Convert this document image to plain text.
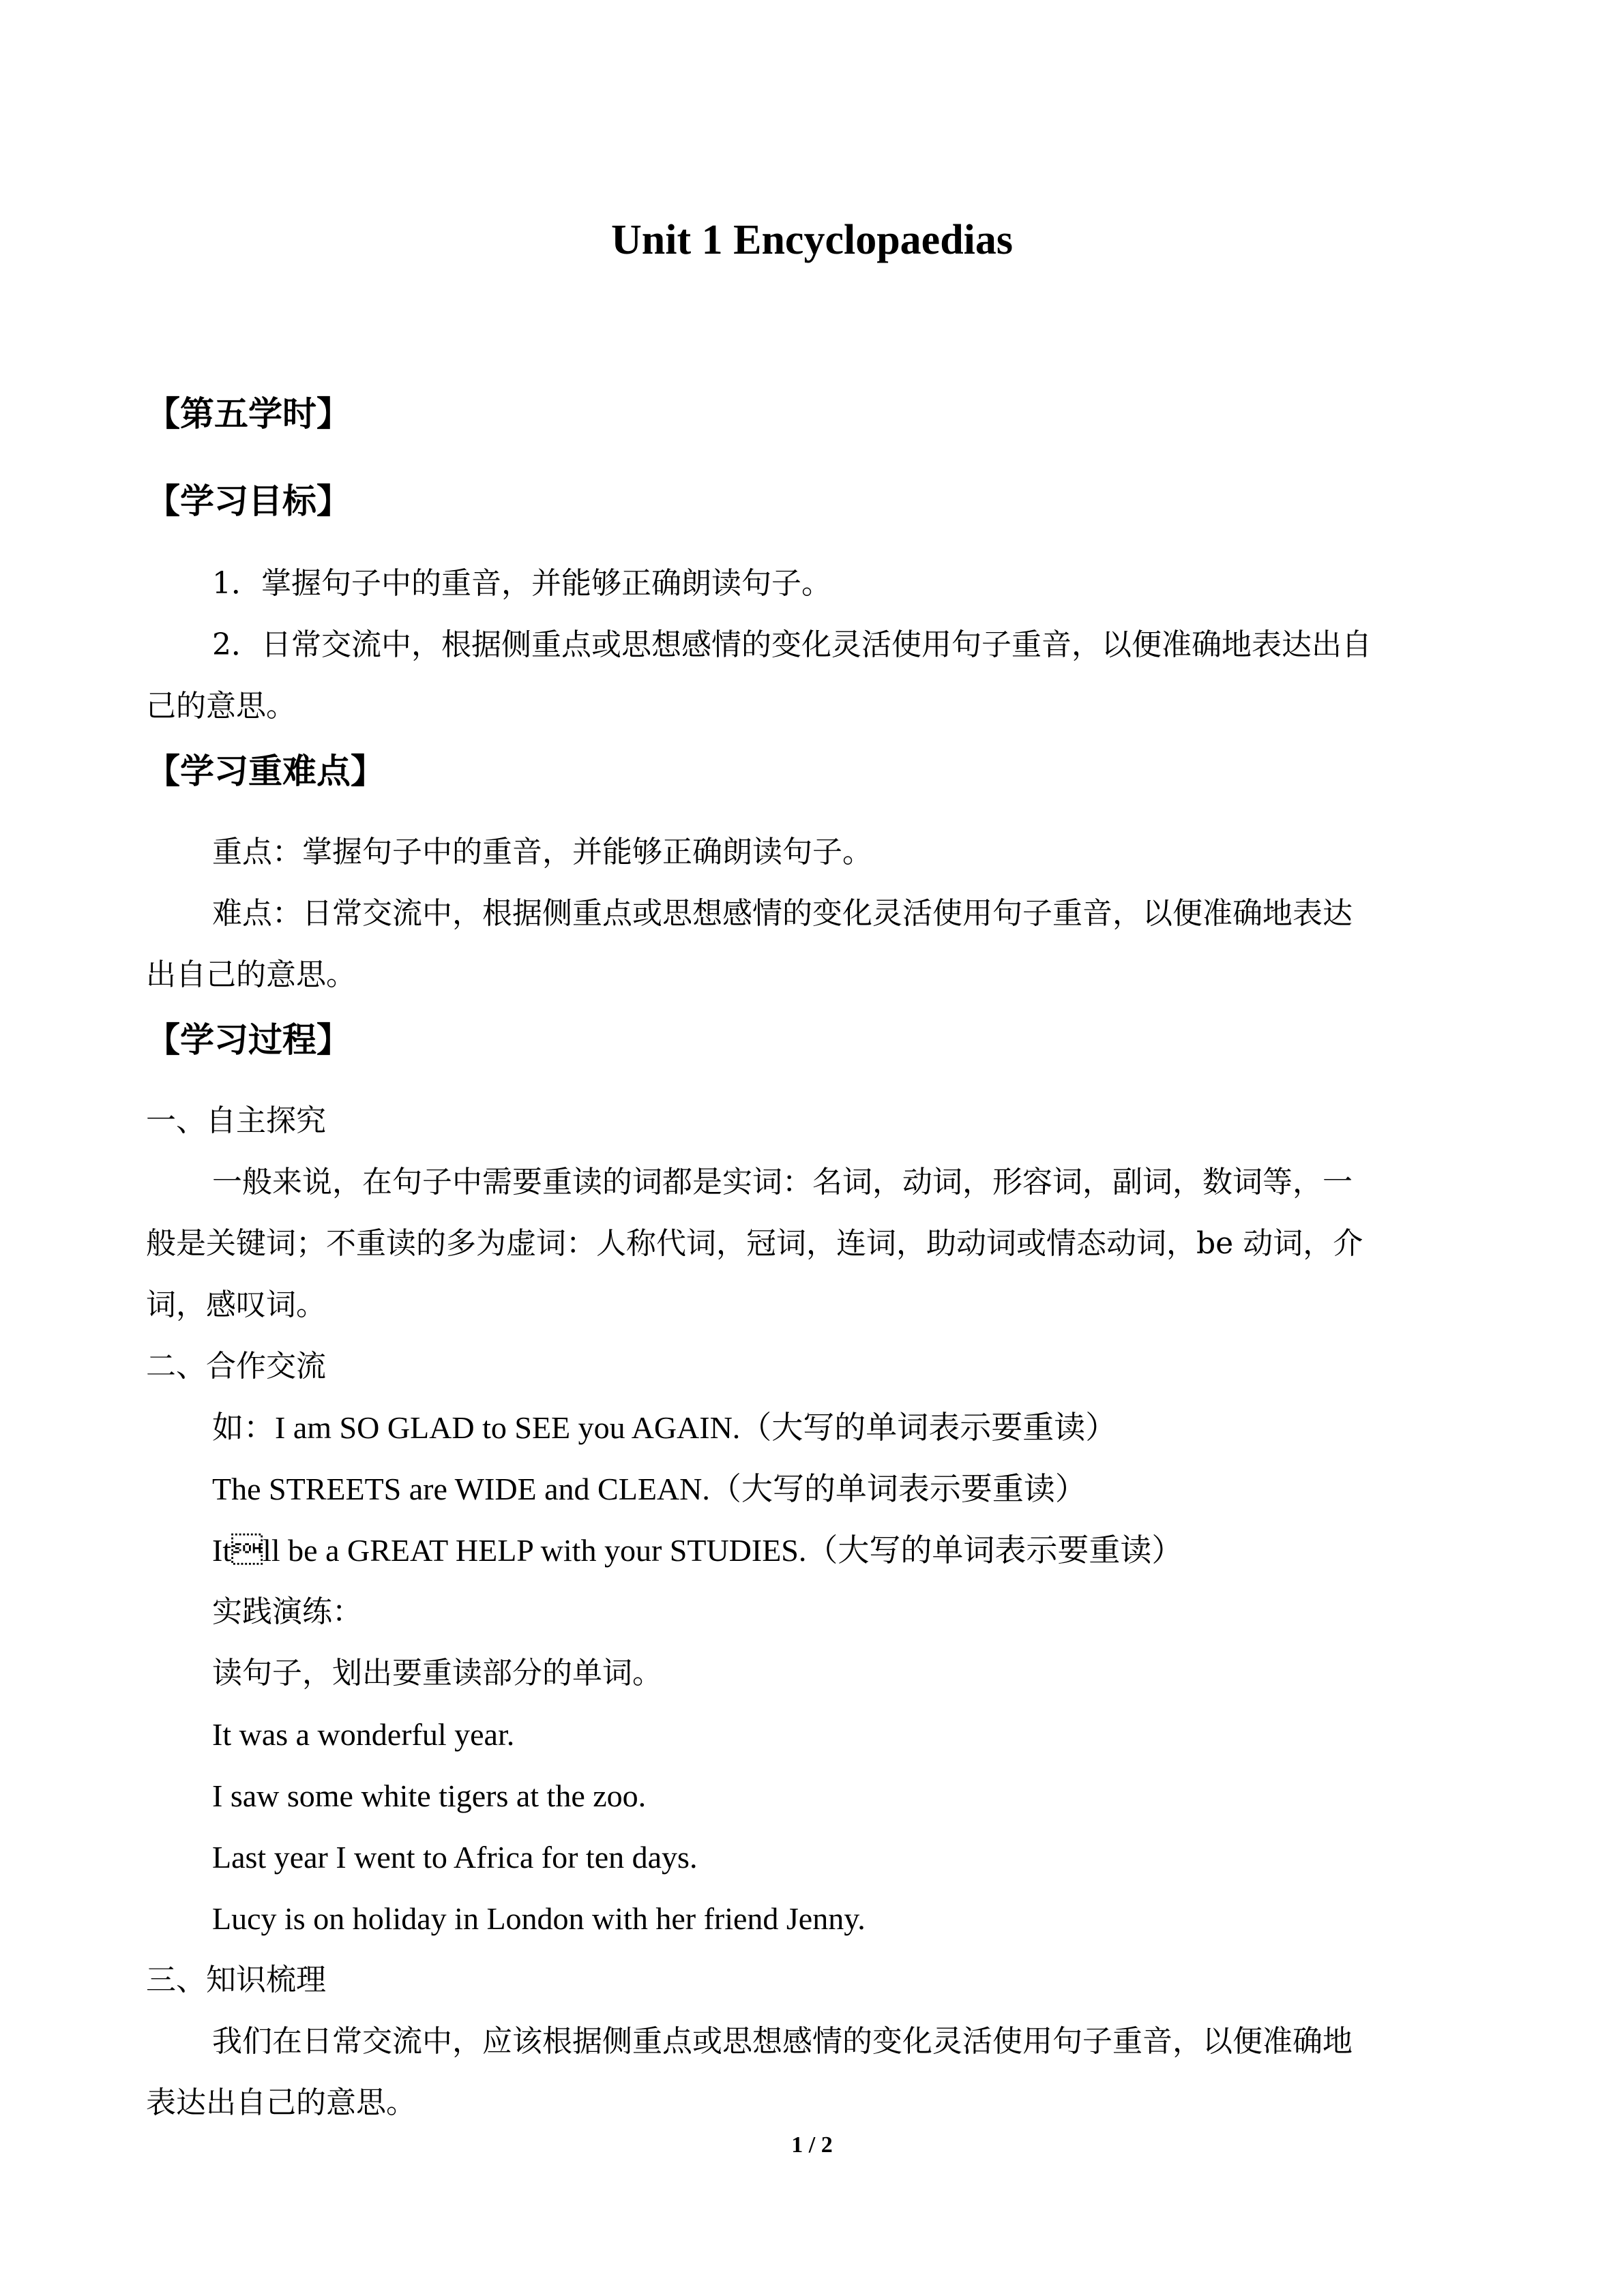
Unit 1 Encyclopaedias
【第五学时】
【学习目标】
1．掌握句子中的重音，并能够正确朗读句子。
2．日常交流中，根据侧重点或思想感情的变化灵活使用句子重音，以便准确地表达出自
己的意思。
【学习重难点】
重点：掌握句子中的重音，并能够正确朗读句子。
难点：日常交流中，根据侧重点或思想感情的变化灵活使用句子重音，以便准确地表达
出自己的意思。
【学习过程】
一、自主探究
一般来说，在句子中需要重读的词都是实词：名词，动词，形容词，副词，数词等，一
般是关键词；不重读的多为虚词：人称代词，冠词，连词，助动词或情态动词，be 动词，介
词，感叹词。
二、合作交流
如：I am SO GLAD to SEE you AGAIN.（大写的单词表示要重读）
The STREETS are WIDE and CLEAN.（大写的单词表示要重读）
Itll be a GREAT HELP with your STUDIES.（大写的单词表示要重读）
实践演练：
读句子，划出要重读部分的单词。
It was a wonderful year.
I saw some white tigers at the zoo.
Last year I went to Africa for ten days.
Lucy is on holiday in London with her friend Jenny.
三、知识梳理
我们在日常交流中，应该根据侧重点或思想感情的变化灵活使用句子重音，以便准确地
表达出自己的意思。
1 / 2
